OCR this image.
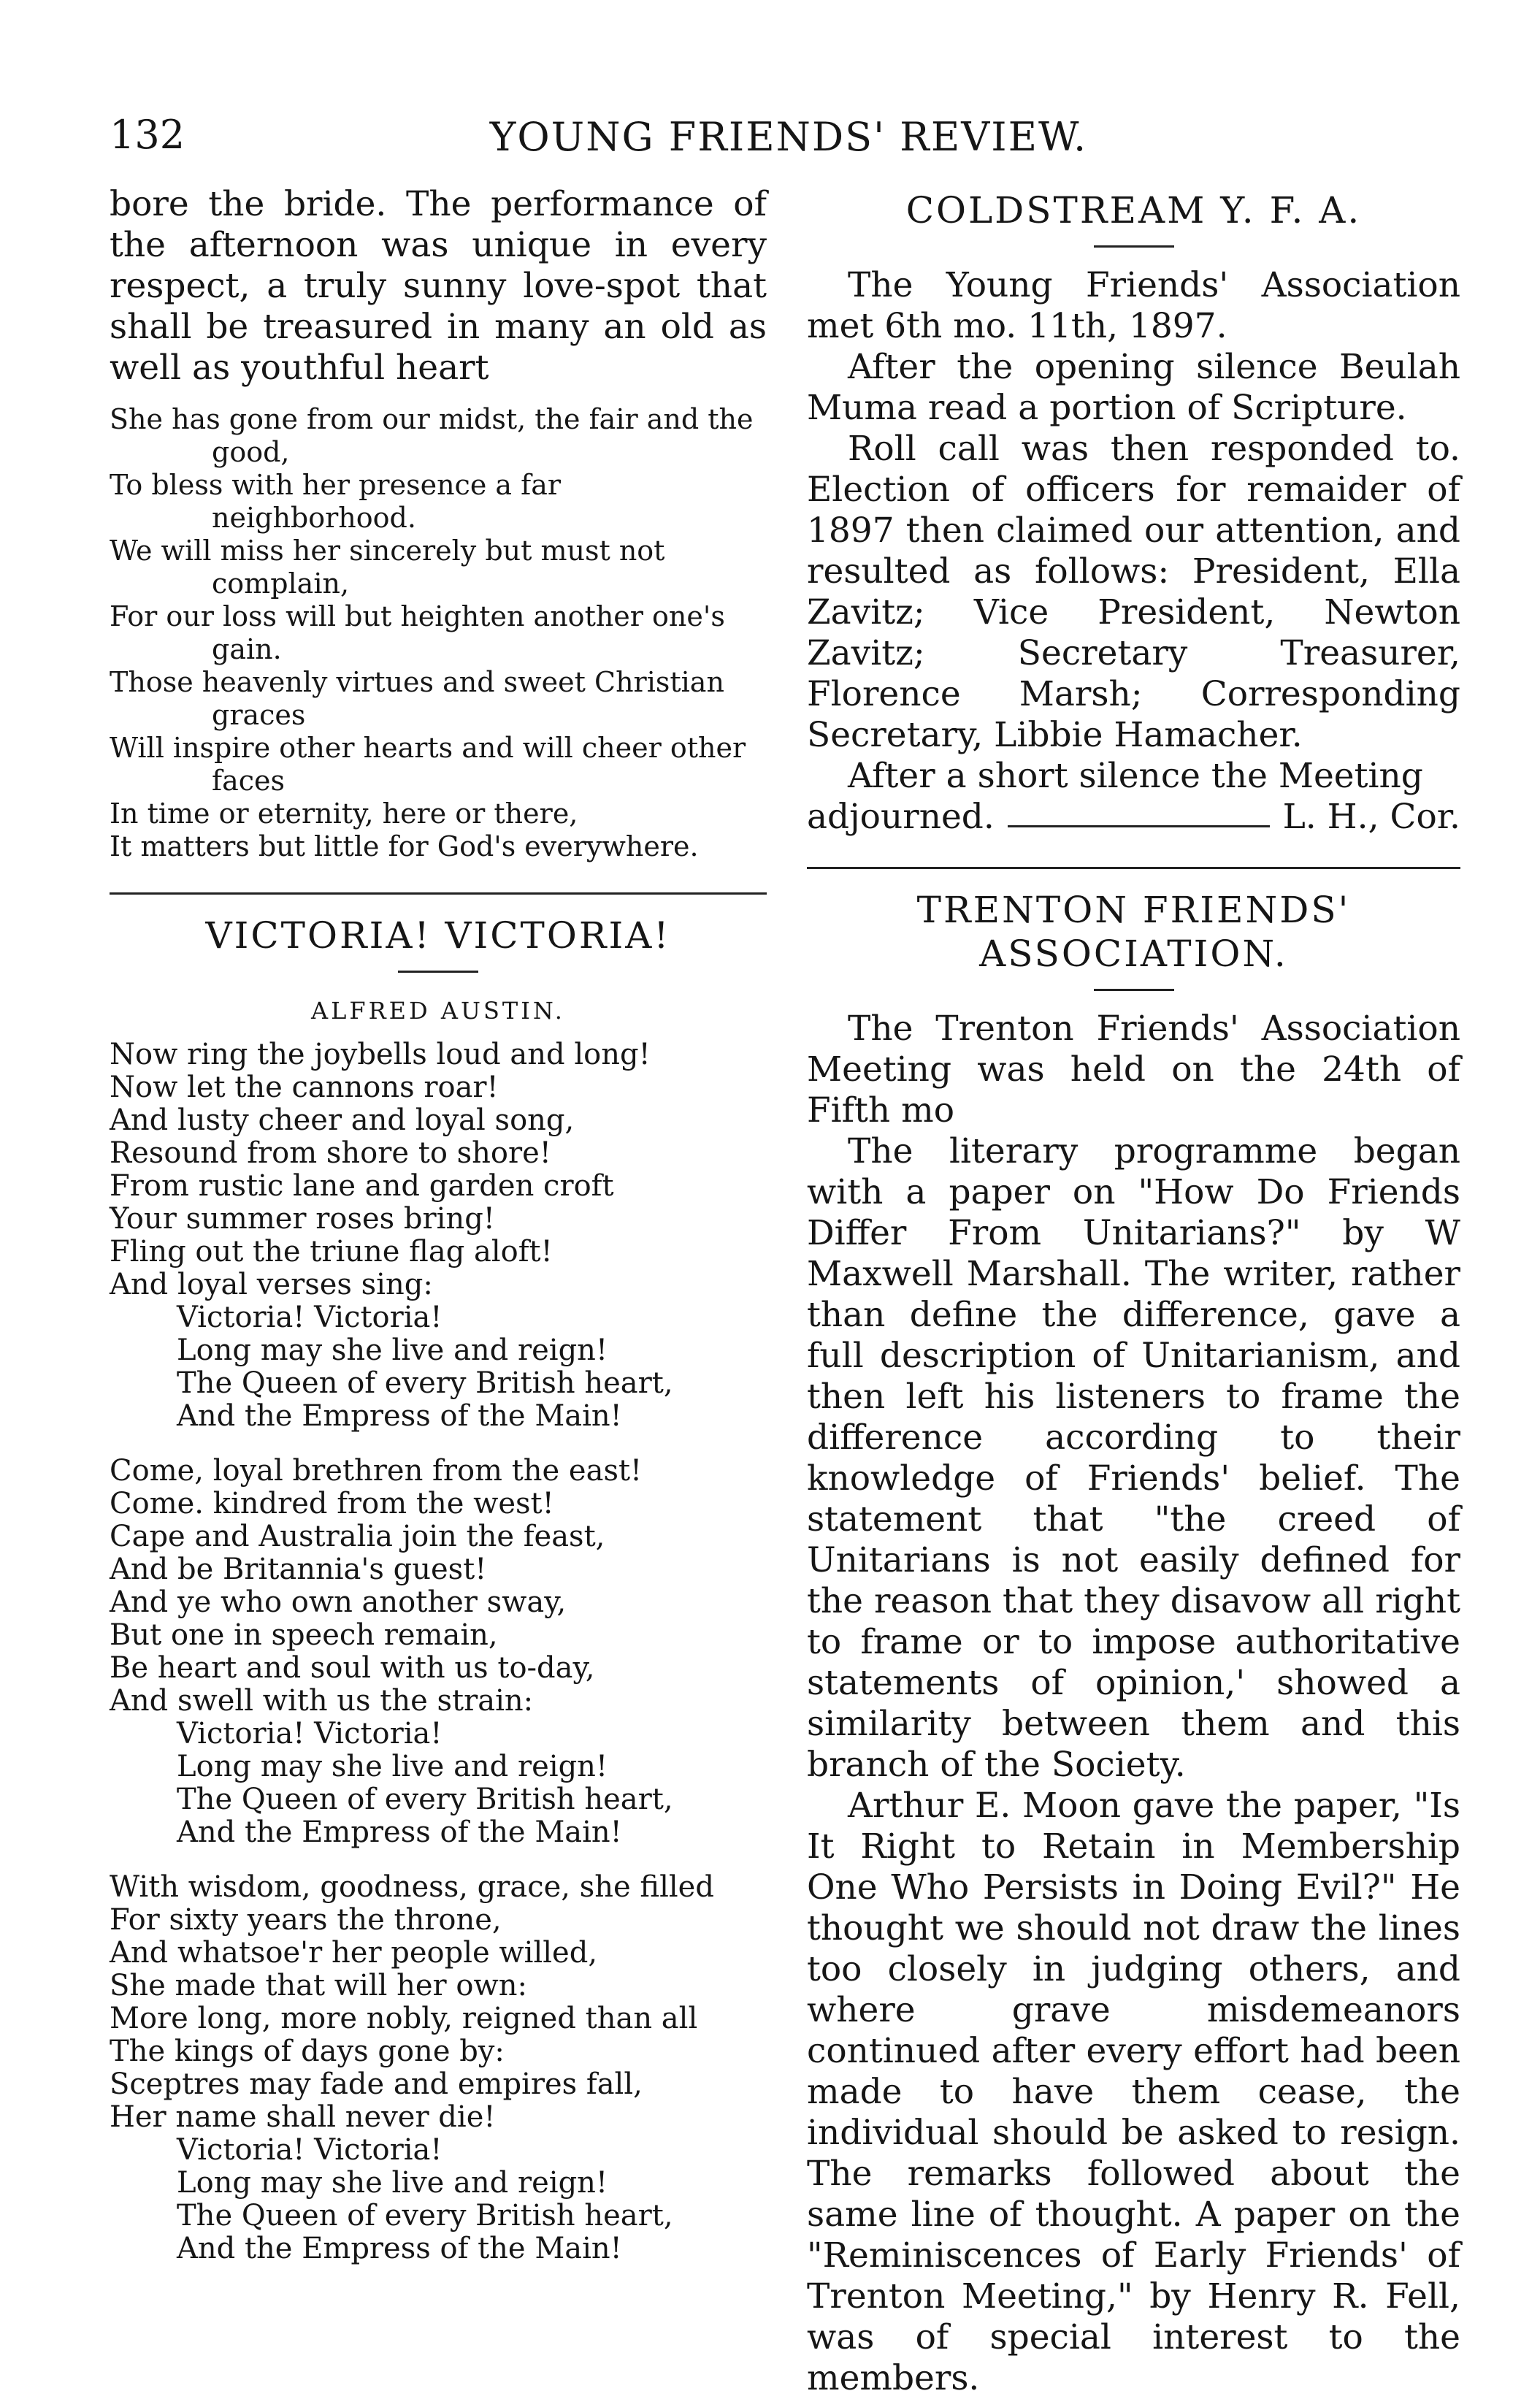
132	YOUNG FRIENDS' REVIEW.

bore the bride. The performance of the afternoon was unique in every respect, a truly sunny love-spot that shall be treasured in many an old as well as youthful heart

She has gone from our midst, the fair and the good,
To bless with her presence a far neighborhood.
We will miss her sincerely but must not complain,
For our loss will but heighten another one's gain.
Those heavenly virtues and sweet Christian graces
Will inspire other hearts and will cheer other faces
In time or eternity, here or there,
It matters but little for God's everywhere.
VICTORIA! VICTORIA!
ALFRED AUSTIN.
Now ring the joybells loud and long!
Now let the cannons roar!
And lusty cheer and loyal song,
Resound from shore to shore!
From rustic lane and garden croft
Your summer roses bring!
Fling out the triune flag aloft!
And loyal verses sing:
Victoria! Victoria!
Long may she live and reign!
The Queen of every British heart,
And the Empress of the Main!
Come, loyal brethren from the east!
Come. kindred from the west!
Cape and Australia join the feast,
And be Britannia's guest!
And ye who own another sway,
But one in speech remain,
Be heart and soul with us to-day,
And swell with us the strain:
Victoria! Victoria!
Long may she live and reign!
The Queen of every British heart,
And the Empress of the Main!
With wisdom, goodness, grace, she filled
For sixty years the throne,
And whatsoe'r her people willed,
She made that will her own:
More long, more nobly, reigned than all
The kings of days gone by:
Sceptres may fade and empires fall,
Her name shall never die!
Victoria! Victoria!
Long may she live and reign!
The Queen of every British heart,
And the Empress of the Main!
COLDSTREAM Y. F. A.

The Young Friends' Association met 6th mo. 11th, 1897.

After the opening silence Beulah Muma read a portion of Scripture.

Roll call was then responded to. Election of officers for remaider of 1897 then claimed our attention, and resulted as follows: President, Ella Zavitz; Vice President, Newton Zavitz; Secretary Treasurer, Florence Marsh; Corresponding Secretary, Libbie Hamacher.

After a short silence the Meeting

adjourned.	L. H., Cor.
TRENTON FRIENDS' ASSOCIATION.

The Trenton Friends' Association Meeting was held on the 24th of Fifth mo

The literary programme began with a paper on "How Do Friends Differ From Unitarians?" by W Maxwell Marshall. The writer, rather than define the difference, gave a full description of Unitarianism, and then left his listeners to frame the difference according to their knowledge of Friends' belief. The statement that "the creed of Unitarians is not easily defined for the reason that they disavow all right to frame or to impose authoritative statements of opinion,' showed a similarity between them and this branch of the Society.

Arthur E. Moon gave the paper, "Is It Right to Retain in Membership One Who Persists in Doing Evil?" He thought we should not draw the lines too closely in judging others, and where grave misdemeanors continued after every effort had been made to have them cease, the individual should be asked to resign. The remarks followed about the same line of thought. A paper on the "Reminiscences of Early Friends' of Trenton Meeting," by Henry R. Fell, was of special interest to the members.
